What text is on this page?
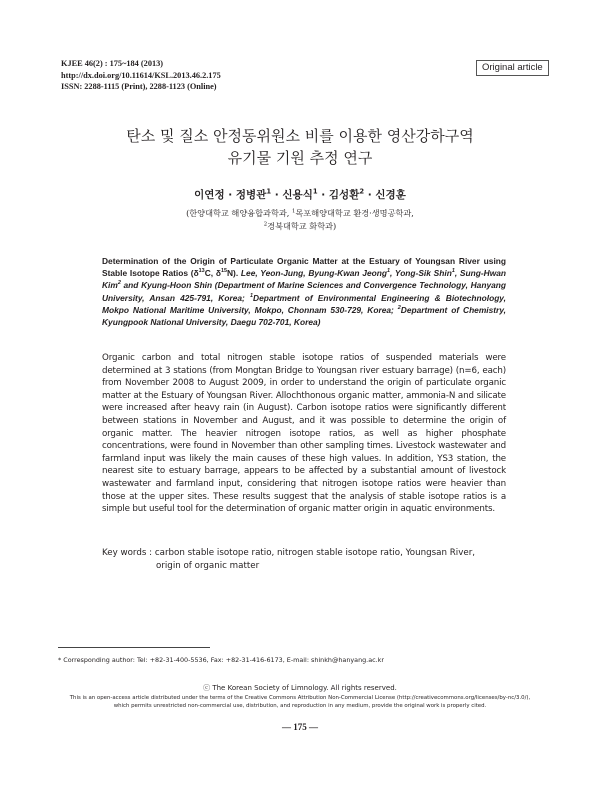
KJEE 46(2) : 175~184 (2013)
http://dx.doi.org/10.11614/KSL.2013.46.2.175
ISSN: 2288-1115 (Print), 2288-1123 (Online)
Original article
탄소 및 질소 안정동위원소 비를 이용한 영산강하구역
유기물 기원 추정 연구
이연정 · 정병관$^1$ · 신용식$^1$ · 김성환$^2$ · 신경훈
(한양대학교 해양융합과학과, $^1$목포해양대학교 환경·생명공학과,
$^2$경북대학교 화학과)
Determination of the Origin of Particulate Organic Matter at the Estuary of Youngsan River using Stable Isotope Ratios ($\delta^{13}C$, $\delta^{15}N$). Lee, Yeon-Jung, Byung-Kwan Jeong$^1$, Yong-Sik Shin$^1$, Sung-Hwan Kim$^2$ and Kyung-Hoon Shin (Department of Marine Sciences and Convergence Technology, Hanyang University, Ansan 425-791, Korea; $^1$Department of Environmental Engineering & Biotechnology, Mokpo National Maritime University, Mokpo, Chonnam 530-729, Korea; $^2$Department of Chemistry, Kyungpook National University, Daegu 702-701, Korea)
Organic carbon and total nitrogen stable isotope ratios of suspended materials were determined at 3 stations (from Mongtan Bridge to Youngsan river estuary barrage) (n=6, each) from November 2008 to August 2009, in order to understand the origin of particulate organic matter at the Estuary of Youngsan River. Allochthonous organic matter, ammonia-N and silicate were increased after heavy rain (in August). Carbon isotope ratios were significantly different between stations in November and August, and it was possible to determine the origin of organic matter. The heavier nitrogen isotope ratios, as well as higher phosphate concentrations, were found in November than other sampling times. Livestock wastewater and farmland input was likely the main causes of these high values. In addition, YS3 station, the nearest site to estuary barrage, appears to be affected by a substantial amount of livestock wastewater and farmland input, considering that nitrogen isotope ratios were heavier than those at the upper sites. These results suggest that the analysis of stable isotope ratios is a simple but useful tool for the determination of organic matter origin in aquatic environments.
Key words : carbon stable isotope ratio, nitrogen stable isotope ratio, Youngsan River,
origin of organic matter
* Corresponding author: Tel: +82-31-400-5536, Fax: +82-31-416-6173, E-mail: shinkh@hanyang.ac.kr
ⓒ The Korean Society of Limnology. All rights reserved.
This is an open-access article distributed under the terms of the Creative Commons Attribution Non-Commercial License (http://creativecommons.org/licenses/by-nc/3.0/),
which permits unrestricted non-commercial use, distribution, and reproduction in any medium, provide the original work is properly cited.
— 175 —
